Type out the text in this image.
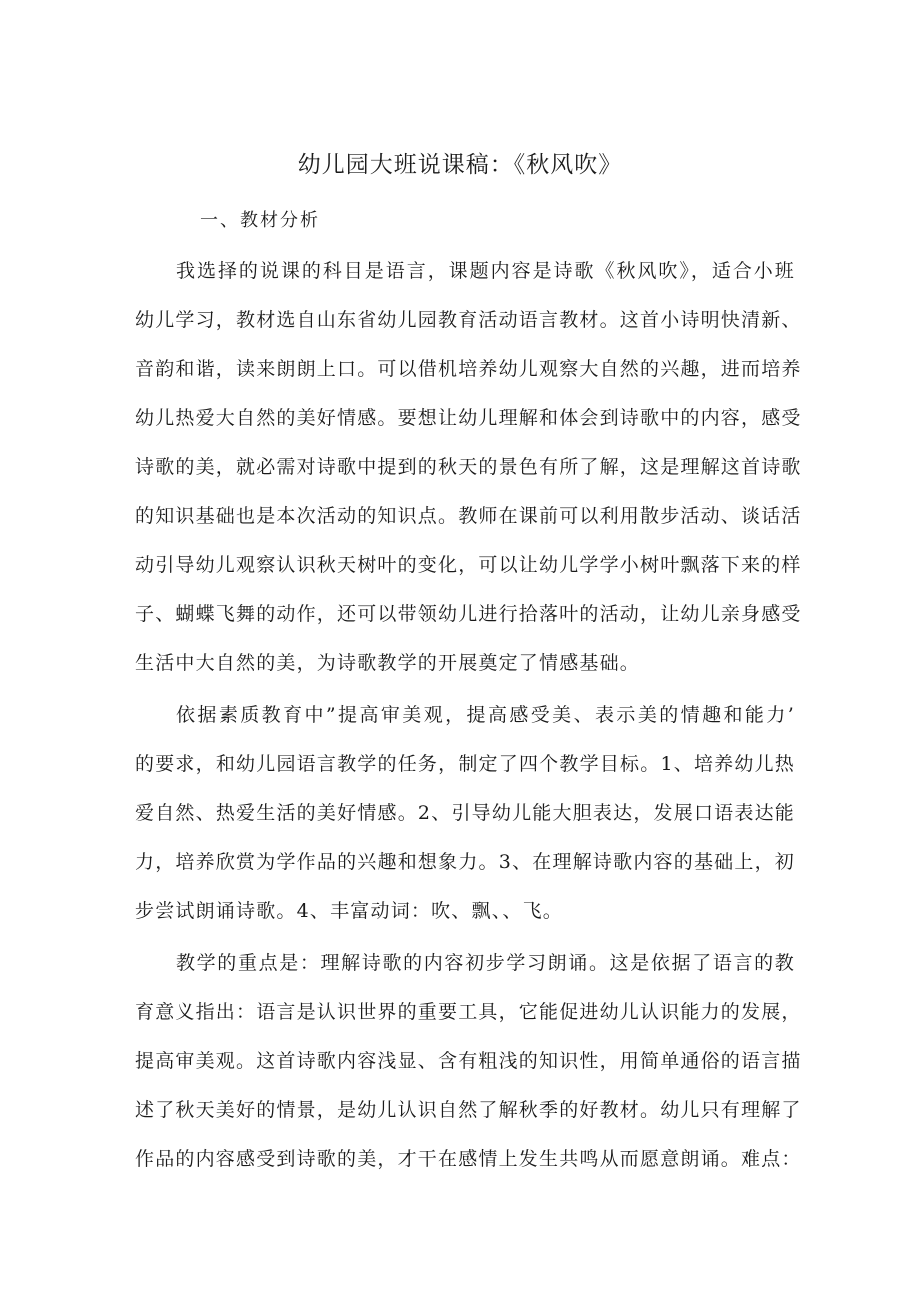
幼儿园大班说课稿：《秋风吹》
一、教材分析
我选择的说课的科目是语言，课题内容是诗歌《秋风吹》，适合小班
幼儿学习，教材选自山东省幼儿园教育活动语言教材。这首小诗明快清新、
音韵和谐，读来朗朗上口。可以借机培养幼儿观察大自然的兴趣，进而培养
幼儿热爱大自然的美好情感。要想让幼儿理解和体会到诗歌中的内容，感受
诗歌的美，就必需对诗歌中提到的秋天的景色有所了解，这是理解这首诗歌
的知识基础也是本次活动的知识点。教师在课前可以利用散步活动、谈话活
动引导幼儿观察认识秋天树叶的变化，可以让幼儿学学小树叶飘落下来的样
子、蝴蝶飞舞的动作，还可以带领幼儿进行拾落叶的活动，让幼儿亲身感受
生活中大自然的美，为诗歌教学的开展奠定了情感基础。
依据素质教育中”提高审美观，提高感受美、表示美的情趣和能力’
的要求，和幼儿园语言教学的任务，制定了四个教学目标。1、培养幼儿热
爱自然、热爱生活的美好情感。2、引导幼儿能大胆表达，发展口语表达能
力，培养欣赏为学作品的兴趣和想象力。3、在理解诗歌内容的基础上，初
步尝试朗诵诗歌。4、丰富动词：吹、飘、、飞。
教学的重点是：理解诗歌的内容初步学习朗诵。这是依据了语言的教
育意义指出：语言是认识世界的重要工具，它能促进幼儿认识能力的发展，
提高审美观。这首诗歌内容浅显、含有粗浅的知识性，用简单通俗的语言描
述了秋天美好的情景，是幼儿认识自然了解秋季的好教材。幼儿只有理解了
作品的内容感受到诗歌的美，才干在感情上发生共鸣从而愿意朗诵。难点：
